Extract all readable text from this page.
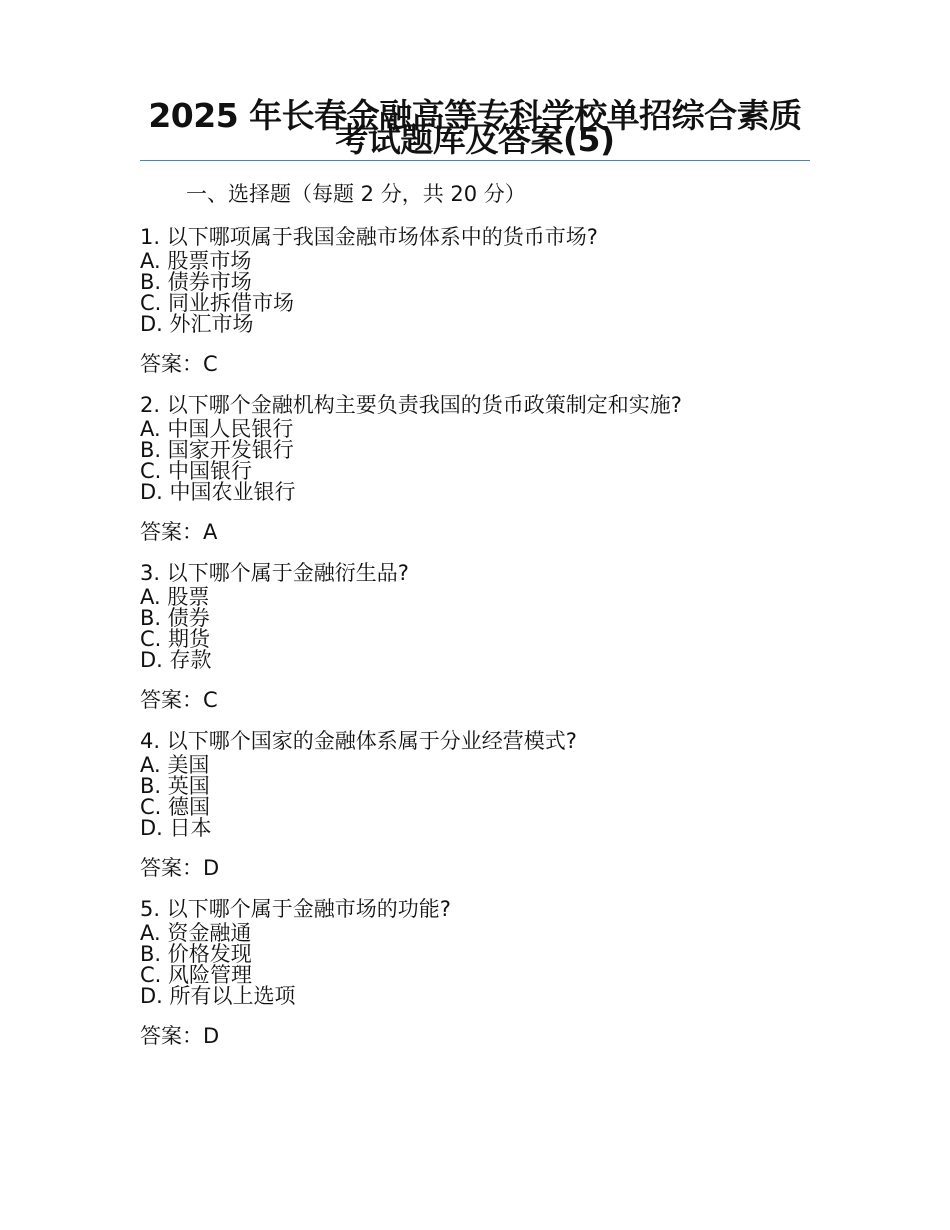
2025 年长春金融高等专科学校单招综合素质考试题库及答案(5)
一、选择题（每题 2 分，共 20 分）
1. 以下哪项属于我国金融市场体系中的货币市场?
A. 股票市场
B. 债券市场
C. 同业拆借市场
D. 外汇市场
答案：C
2. 以下哪个金融机构主要负责我国的货币政策制定和实施?
A. 中国人民银行
B. 国家开发银行
C. 中国银行
D. 中国农业银行
答案：A
3. 以下哪个属于金融衍生品?
A. 股票
B. 债券
C. 期货
D. 存款
答案：C
4. 以下哪个国家的金融体系属于分业经营模式?
A. 美国
B. 英国
C. 德国
D. 日本
答案：D
5. 以下哪个属于金融市场的功能?
A. 资金融通
B. 价格发现
C. 风险管理
D. 所有以上选项
答案：D
